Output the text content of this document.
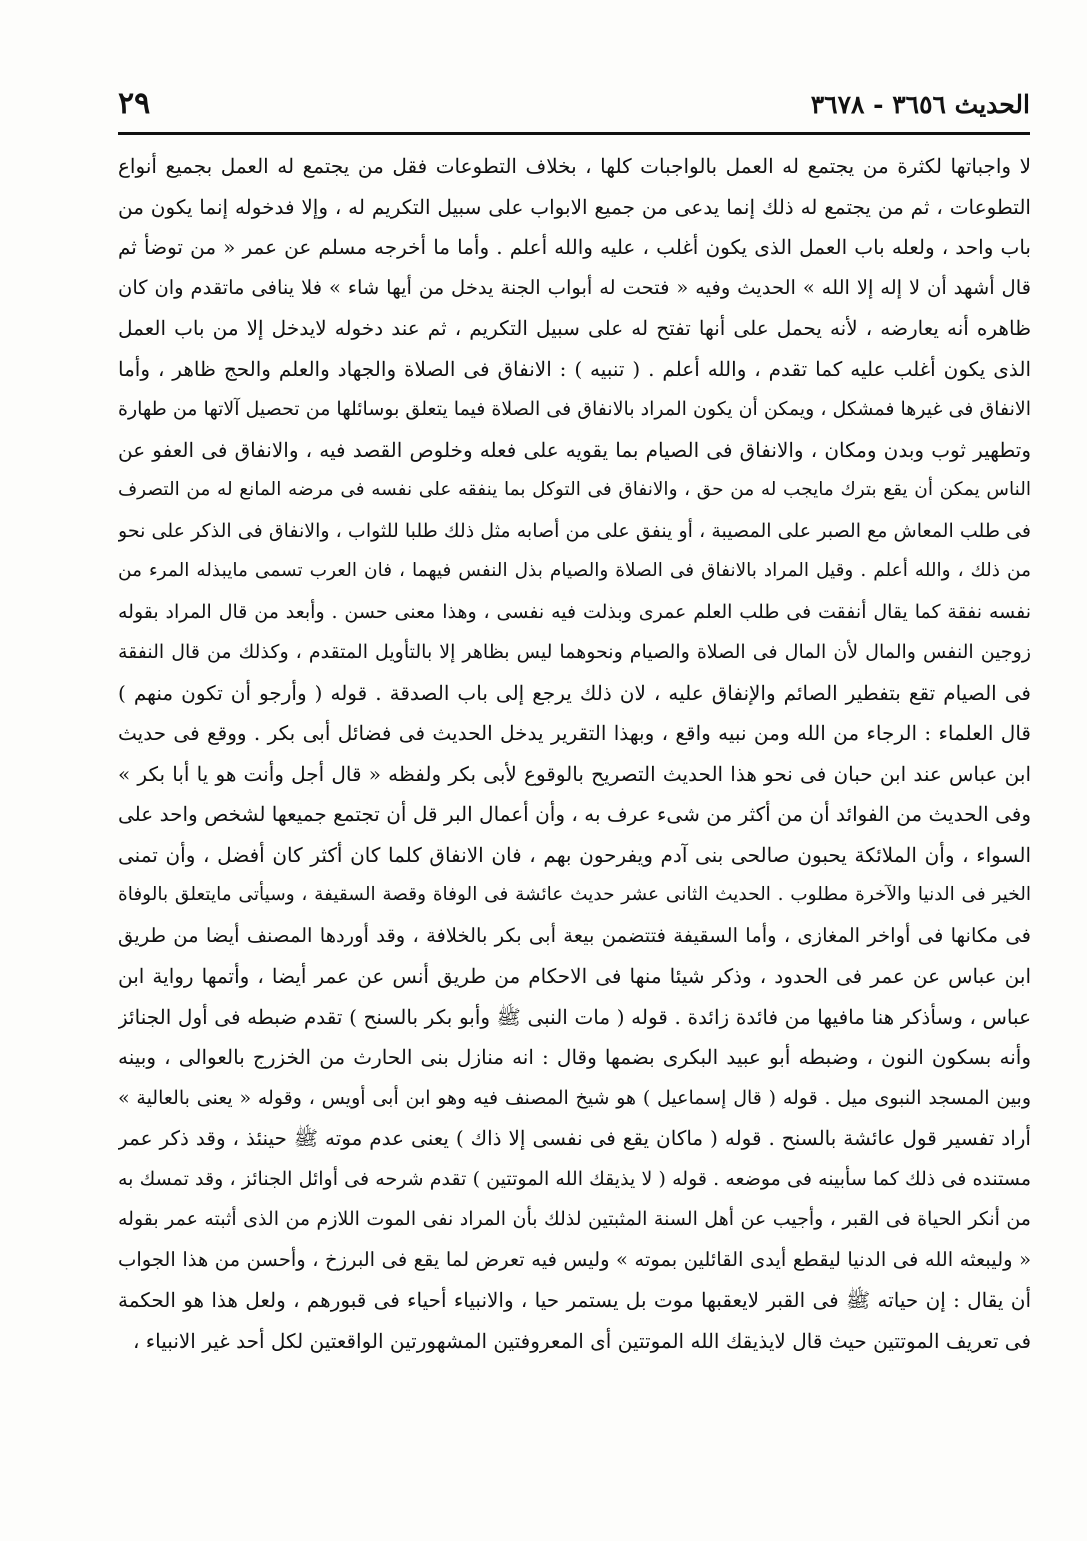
الحديث ٣٦٥٦ - ٣٦٧٨
٢٩
لا واجباتها لكثرة من يجتمع له العمل بالواجبات كلها ، بخلاف التطوعات فقل من يجتمع له العمل بجميع أنواع
التطوعات ، ثم من يجتمع له ذلك إنما يدعى من جميع الابواب على سبيل التكريم له ، وإلا فدخوله إنما يكون من
باب واحد ، ولعله باب العمل الذى يكون أغلب ، عليه والله أعلم . وأما ما أخرجه مسلم عن عمر « من توضأ ثم
قال أشهد أن لا إله إلا الله » الحديث وفيه « فتحت له أبواب الجنة يدخل من أيها شاء » فلا ينافى ماتقدم وان كان
ظاهره أنه يعارضه ، لأنه يحمل على أنها تفتح له على سبيل التكريم ، ثم عند دخوله لايدخل إلا من باب العمل
الذى يكون أغلب عليه كما تقدم ، والله أعلم . ( تنبيه ) : الانفاق فى الصلاة والجهاد والعلم والحج ظاهر ، وأما
الانفاق فى غيرها فمشكل ، ويمكن أن يكون المراد بالانفاق فى الصلاة فيما يتعلق بوسائلها من تحصيل آلاتها من طهارة
وتطهير ثوب وبدن ومكان ، والانفاق فى الصيام بما يقويه على فعله وخلوص القصد فيه ، والانفاق فى العفو عن
الناس يمكن أن يقع بترك مايجب له من حق ، والانفاق فى التوكل بما ينفقه على نفسه فى مرضه المانع له من التصرف
فى طلب المعاش مع الصبر على المصيبة ، أو ينفق على من أصابه مثل ذلك طلبا للثواب ، والانفاق فى الذكر على نحو
من ذلك ، والله أعلم . وقيل المراد بالانفاق فى الصلاة والصيام بذل النفس فيهما ، فان العرب تسمى مايبذله المرء من
نفسه نفقة كما يقال أنفقت فى طلب العلم عمرى وبذلت فيه نفسى ، وهذا معنى حسن . وأبعد من قال المراد بقوله
زوجين النفس والمال لأن المال فى الصلاة والصيام ونحوهما ليس بظاهر إلا بالتأويل المتقدم ، وكذلك من قال النفقة
فى الصيام تقع بتفطير الصائم والإنفاق عليه ، لان ذلك يرجع إلى باب الصدقة . قوله ( وأرجو أن تكون منهم )
قال العلماء : الرجاء من الله ومن نبيه واقع ، وبهذا التقرير يدخل الحديث فى فضائل أبى بكر . ووقع فى حديث
ابن عباس عند ابن حبان فى نحو هذا الحديث التصريح بالوقوع لأبى بكر ولفظه « قال أجل وأنت هو يا أبا بكر »
وفى الحديث من الفوائد أن من أكثر من شىء عرف به ، وأن أعمال البر قل أن تجتمع جميعها لشخص واحد على
السواء ، وأن الملائكة يحبون صالحى بنى آدم ويفرحون بهم ، فان الانفاق كلما كان أكثر كان أفضل ، وأن تمنى
الخير فى الدنيا والآخرة مطلوب . الحديث الثانى عشر حديث عائشة فى الوفاة وقصة السقيفة ، وسيأتى مايتعلق بالوفاة
فى مكانها فى أواخر المغازى ، وأما السقيفة فتتضمن بيعة أبى بكر بالخلافة ، وقد أوردها المصنف أيضا من طريق
ابن عباس عن عمر فى الحدود ، وذكر شيئا منها فى الاحكام من طريق أنس عن عمر أيضا ، وأتمها رواية ابن
عباس ، وسأذكر هنا مافيها من فائدة زائدة . قوله ( مات النبى ﷺ وأبو بكر بالسنح ) تقدم ضبطه فى أول الجنائز
وأنه بسكون النون ، وضبطه أبو عبيد البكرى بضمها وقال : انه منازل بنى الحارث من الخزرج بالعوالى ، وبينه
وبين المسجد النبوى ميل . قوله ( قال إسماعيل ) هو شيخ المصنف فيه وهو ابن أبى أويس ، وقوله « يعنى بالعالية »
أراد تفسير قول عائشة بالسنح . قوله ( ماكان يقع فى نفسى إلا ذاك ) يعنى عدم موته ﷺ حينئذ ، وقد ذكر عمر
مستنده فى ذلك كما سأبينه فى موضعه . قوله ( لا يذيقك الله الموتتين ) تقدم شرحه فى أوائل الجنائز ، وقد تمسك به
من أنكر الحياة فى القبر ، وأجيب عن أهل السنة المثبتين لذلك بأن المراد نفى الموت اللازم من الذى أثبته عمر بقوله
« وليبعثه الله فى الدنيا ليقطع أيدى القائلين بموته » وليس فيه تعرض لما يقع فى البرزخ ، وأحسن من هذا الجواب
أن يقال : إن حياته ﷺ فى القبر لايعقبها موت بل يستمر حيا ، والانبياء أحياء فى قبورهم ، ولعل هذا هو الحكمة
فى تعريف الموتتين حيث قال لايذيقك الله الموتتين أى المعروفتين المشهورتين الواقعتين لكل أحد غير الانبياء ،
